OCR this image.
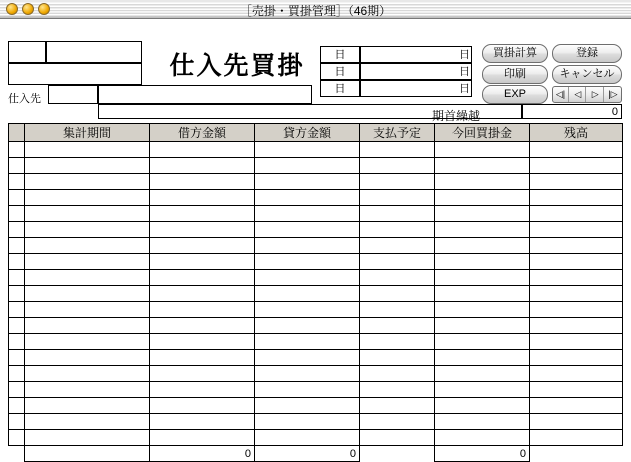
［売掛・買掛管理］（46期）
仕入先買掛	日	日
日	日
日	日
仕入先
期首繰越	0
買掛計算	登録
印刷	キャンセル
EXP	◁|	◁	▷	|▷
	集計期間	借方金額	貸方金額	支払予定	今回買掛金	残高

		0	0		0	
